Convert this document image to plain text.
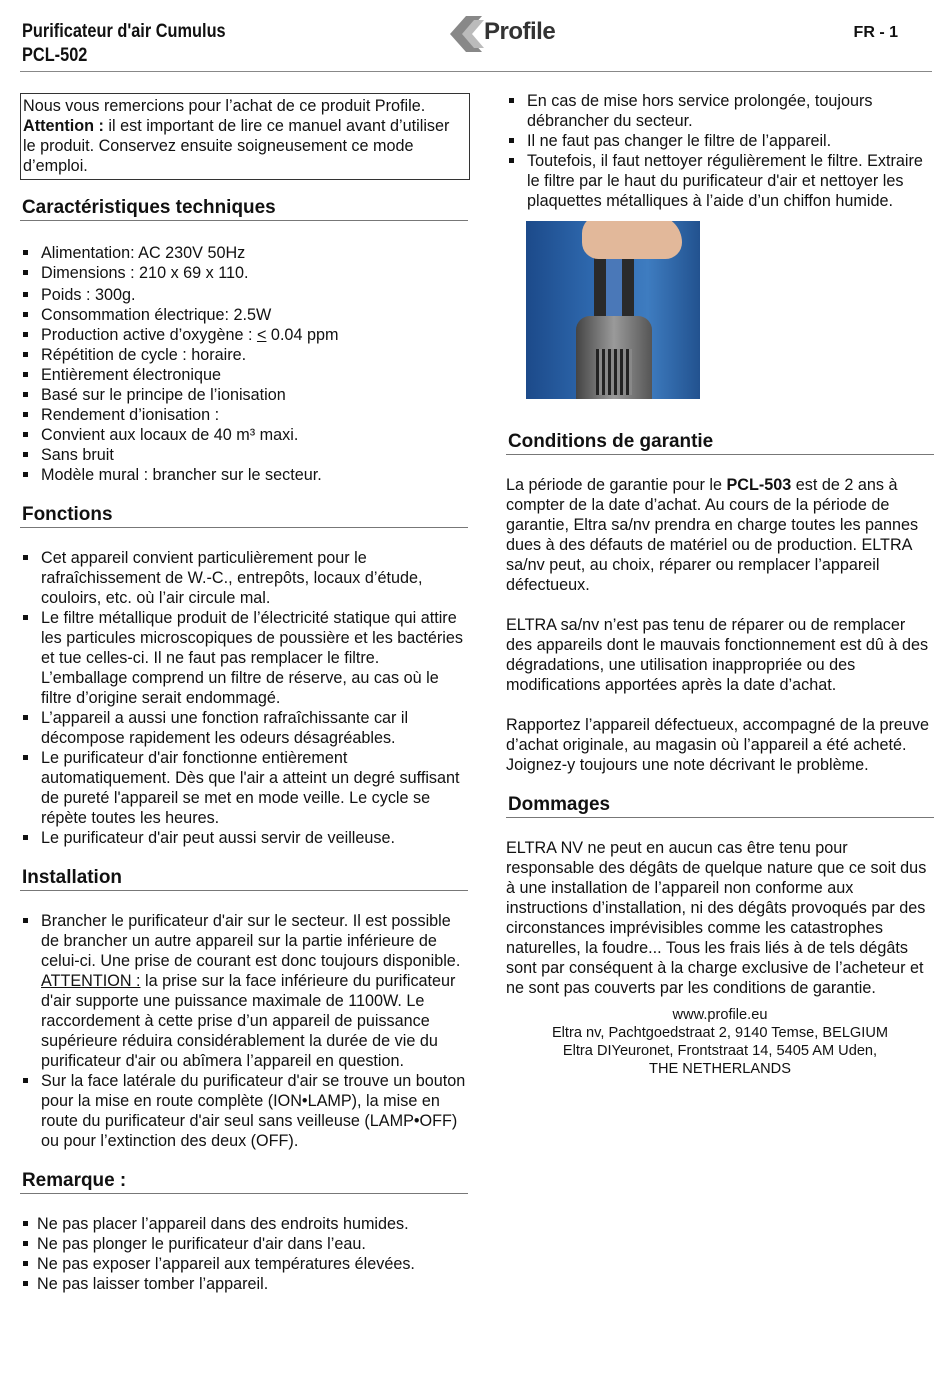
Purificateur d'air Cumulus
PCL-502
Profile	FR - 1

Nous vous remercions pour l’achat de ce produit Profile.
Attention : il est important de lire ce manuel avant d’utiliser le produit. Conservez ensuite soigneusement ce mode d’emploi.

Caractéristiques techniques
Alimentation: AC 230V 50Hz
Dimensions : 210 x 69 x 110.
Poids : 300g.
Consommation électrique: 2.5W
Production active d’oxygène : < 0.04 ppm
Répétition de cycle : horaire.
Entièrement électronique
Basé sur le principe de l’ionisation
Rendement d’ionisation :
Convient aux locaux de 40 m³ maxi.
Sans bruit
Modèle mural : brancher sur le secteur.
Fonctions
Cet appareil convient particulièrement pour le rafraîchissement de W.-C., entrepôts, locaux d’étude, couloirs, etc. où l’air circule mal.
Le filtre métallique produit de l’électricité statique qui attire les particules microscopiques de poussière et les bactéries et tue celles-ci. Il ne faut pas remplacer le filtre. L’emballage comprend un filtre de réserve, au cas où le filtre d’origine serait endommagé.
L’appareil a aussi une fonction rafraîchissante car il décompose rapidement les odeurs désagréables.
Le purificateur d'air fonctionne entièrement automatiquement. Dès que l'air a atteint un degré suffisant de pureté l'appareil se met en mode veille. Le cycle se répète toutes les heures.
Le purificateur d'air peut aussi servir de veilleuse.
Installation
Brancher le purificateur d'air sur le secteur. Il est possible de brancher un autre appareil sur la partie inférieure de celui-ci. Une prise de courant est donc toujours disponible. ATTENTION : la prise sur la face inférieure du purificateur d'air supporte une puissance maximale de 1100W. Le raccordement à cette prise d’un appareil de puissance supérieure réduira considérablement la durée de vie du purificateur d'air ou abîmera l’appareil en question.
Sur la face latérale du purificateur d'air se trouve un bouton pour la mise en route complète (ION•LAMP), la mise en route du purificateur d'air seul sans veilleuse (LAMP•OFF) ou pour l’extinction des deux (OFF).
Remarque :
Ne pas placer l’appareil dans des endroits humides.
Ne pas plonger le purificateur d'air dans l’eau.
Ne pas exposer l’appareil aux températures élevées.
Ne pas laisser tomber l’appareil.
En cas de mise hors service prolongée, toujours débrancher du secteur.
Il ne faut pas changer le filtre de l’appareil.
Toutefois, il faut nettoyer régulièrement le filtre. Extraire le filtre par le haut du purificateur d'air et nettoyer les plaquettes métalliques à l’aide d’un chiffon humide.
Conditions de garantie

La période de garantie pour le PCL-503 est de 2 ans à compter de la date d’achat. Au cours de la période de garantie, Eltra sa/nv prendra en charge toutes les pannes dues à des défauts de matériel ou de production. ELTRA sa/nv peut, au choix, réparer ou remplacer l’appareil défectueux.

ELTRA sa/nv n’est pas tenu de réparer ou de remplacer des appareils dont le mauvais fonctionnement est dû à des dégradations, une utilisation inappropriée ou des modifications apportées après la date d’achat.

Rapportez l’appareil défectueux, accompagné de la preuve d’achat originale, au magasin où l’appareil a été acheté. Joignez-y toujours une note décrivant le problème.

Dommages

ELTRA NV ne peut en aucun cas être tenu pour responsable des dégâts de quelque nature que ce soit dus à une installation de l’appareil non conforme aux instructions d’installation, ni des dégâts provoqués par des circonstances imprévisibles comme les catastrophes naturelles, la foudre... Tous les frais liés à de tels dégâts sont par conséquent à la charge exclusive de l’acheteur et ne sont pas couverts par les conditions de garantie.

www.profile.eu
Eltra nv, Pachtgoedstraat 2, 9140 Temse, BELGIUM
Eltra DIYeuronet, Frontstraat 14, 5405 AM Uden,
THE NETHERLANDS
